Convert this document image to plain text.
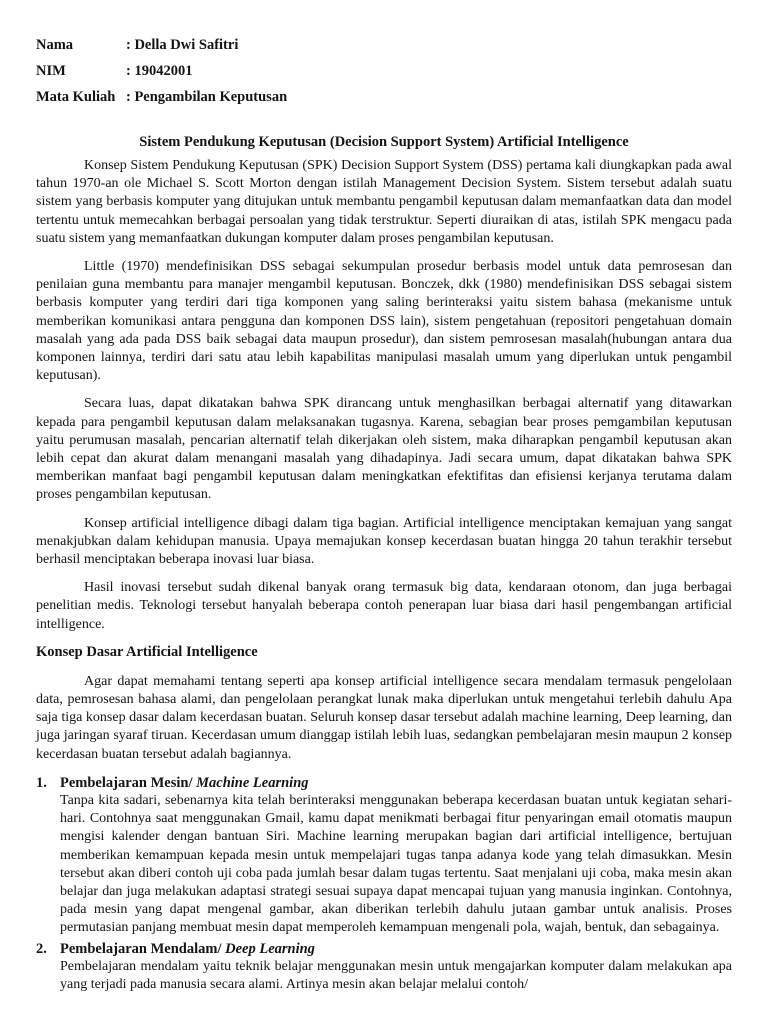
Nama	: Della Dwi Safitri
NIM	: 19042001
Mata Kuliah : Pengambilan Keputusan
Sistem Pendukung Keputusan (Decision Support System) Artificial Intelligence

Konsep Sistem Pendukung Keputusan (SPK) Decision Support System (DSS) pertama kali diungkapkan pada awal tahun 1970-an ole Michael S. Scott Morton dengan istilah Management Decision System. Sistem tersebut adalah suatu sistem yang berbasis komputer yang ditujukan untuk membantu pengambil keputusan dalam memanfaatkan data dan model tertentu untuk memecahkan berbagai persoalan yang tidak terstruktur. Seperti diuraikan di atas, istilah SPK mengacu pada suatu sistem yang memanfaatkan dukungan komputer dalam proses pengambilan keputusan.

Little (1970) mendefinisikan DSS sebagai sekumpulan prosedur berbasis model untuk data pemrosesan dan penilaian guna membantu para manajer mengambil keputusan. Bonczek, dkk (1980) mendefinisikan DSS sebagai sistem berbasis komputer yang terdiri dari tiga komponen yang saling berinteraksi yaitu sistem bahasa (mekanisme untuk memberikan komunikasi antara pengguna dan komponen DSS lain), sistem pengetahuan (repositori pengetahuan domain masalah yang ada pada DSS baik sebagai data maupun prosedur), dan sistem pemrosesan masalah(hubungan antara dua komponen lainnya, terdiri dari satu atau lebih kapabilitas manipulasi masalah umum yang diperlukan untuk pengambil keputusan).

Secara luas, dapat dikatakan bahwa SPK dirancang untuk menghasilkan berbagai alternatif yang ditawarkan kepada para pengambil keputusan dalam melaksanakan tugasnya. Karena, sebagian bear proses pemgambilan keputusan yaitu perumusan masalah, pencarian alternatif telah dikerjakan oleh sistem, maka diharapkan pengambil keputusan akan lebih cepat dan akurat dalam menangani masalah yang dihadapinya. Jadi secara umum, dapat dikatakan bahwa SPK memberikan manfaat bagi pengambil keputusan dalam meningkatkan efektifitas dan efisiensi kerjanya terutama dalam proses pengambilan keputusan.

Konsep artificial intelligence dibagi dalam tiga bagian. Artificial intelligence menciptakan kemajuan yang sangat menakjubkan dalam kehidupan manusia. Upaya memajukan konsep kecerdasan buatan hingga 20 tahun terakhir tersebut berhasil menciptakan beberapa inovasi luar biasa.

Hasil inovasi tersebut sudah dikenal banyak orang termasuk big data, kendaraan otonom, dan juga berbagai penelitian medis. Teknologi tersebut hanyalah beberapa contoh penerapan luar biasa dari hasil pengembangan artificial intelligence.

Konsep Dasar Artificial Intelligence

Agar dapat memahami tentang seperti apa konsep artificial intelligence secara mendalam termasuk pengelolaan data, pemrosesan bahasa alami, dan pengelolaan perangkat lunak maka diperlukan untuk mengetahui terlebih dahulu Apa saja tiga konsep dasar dalam kecerdasan buatan. Seluruh konsep dasar tersebut adalah machine learning, Deep learning, dan juga jaringan syaraf tiruan. Kecerdasan umum dianggap istilah lebih luas, sedangkan pembelajaran mesin maupun 2 konsep kecerdasan buatan tersebut adalah bagiannya.

1. Pembelajaran Mesin/ Machine Learning

Tanpa kita sadari, sebenarnya kita telah berinteraksi menggunakan beberapa kecerdasan buatan untuk kegiatan sehari-hari. Contohnya saat menggunakan Gmail, kamu dapat menikmati berbagai fitur penyaringan email otomatis maupun mengisi kalender dengan bantuan Siri. Machine learning merupakan bagian dari artificial intelligence, bertujuan memberikan kemampuan kepada mesin untuk mempelajari tugas tanpa adanya kode yang telah dimasukkan. Mesin tersebut akan diberi contoh uji coba pada jumlah besar dalam tugas tertentu. Saat menjalani uji coba, maka mesin akan belajar dan juga melakukan adaptasi strategi sesuai supaya dapat mencapai tujuan yang manusia inginkan. Contohnya, pada mesin yang dapat mengenal gambar, akan diberikan terlebih dahulu jutaan gambar untuk analisis. Proses permutasian panjang membuat mesin dapat memperoleh kemampuan mengenali pola, wajah, bentuk, dan sebagainya.

2. Pembelajaran Mendalam/ Deep Learning

Pembelajaran mendalam yaitu teknik belajar menggunakan mesin untuk mengajarkan komputer dalam melakukan apa yang terjadi pada manusia secara alami. Artinya mesin akan belajar melalui contoh/
